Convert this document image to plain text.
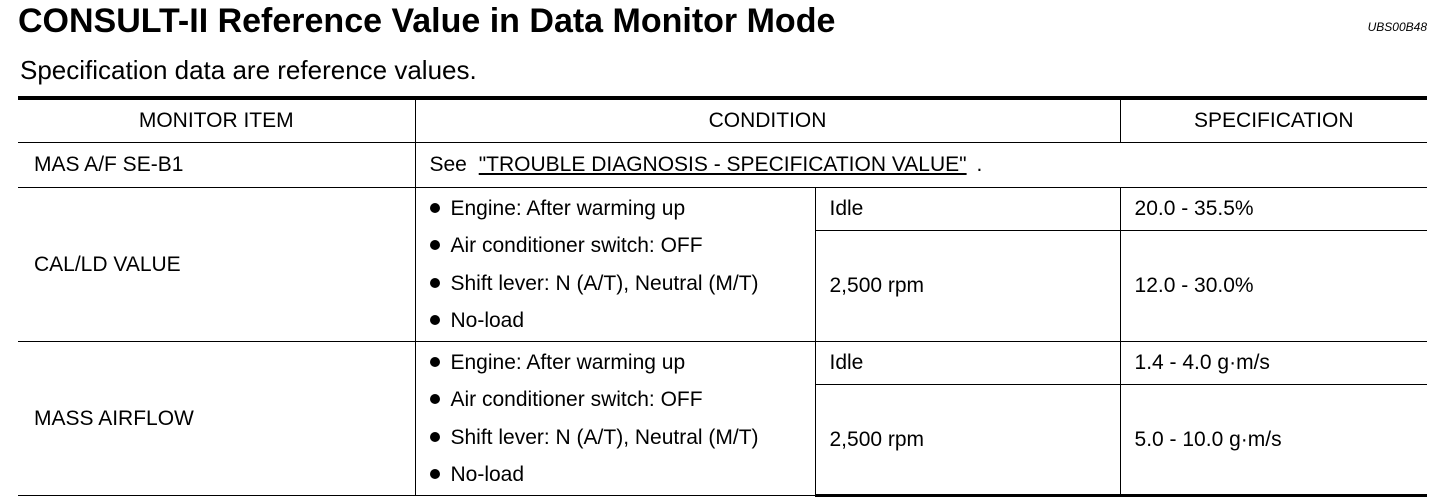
CONSULT-II Reference Value in Data Monitor Mode	UBS00B48
Specification data are reference values.
MONITOR ITEM	CONDITION		SPECIFICATION
MAS A/F SE-B1	See "TROUBLE DIAGNOSIS - SPECIFICATION VALUE" .		
CAL/LD VALUE	Engine: After warming up
Air conditioner switch: OFF
Shift lever: N (A/T), Neutral (M/T)
No-load	Idle	20.0 - 35.5%
		2,500 rpm	12.0 - 30.0%
MASS AIRFLOW	Engine: After warming up
Air conditioner switch: OFF
Shift lever: N (A/T), Neutral (M/T)
No-load	Idle	1.4 - 4.0 g·m/s
		2,500 rpm	5.0 - 10.0 g·m/s
